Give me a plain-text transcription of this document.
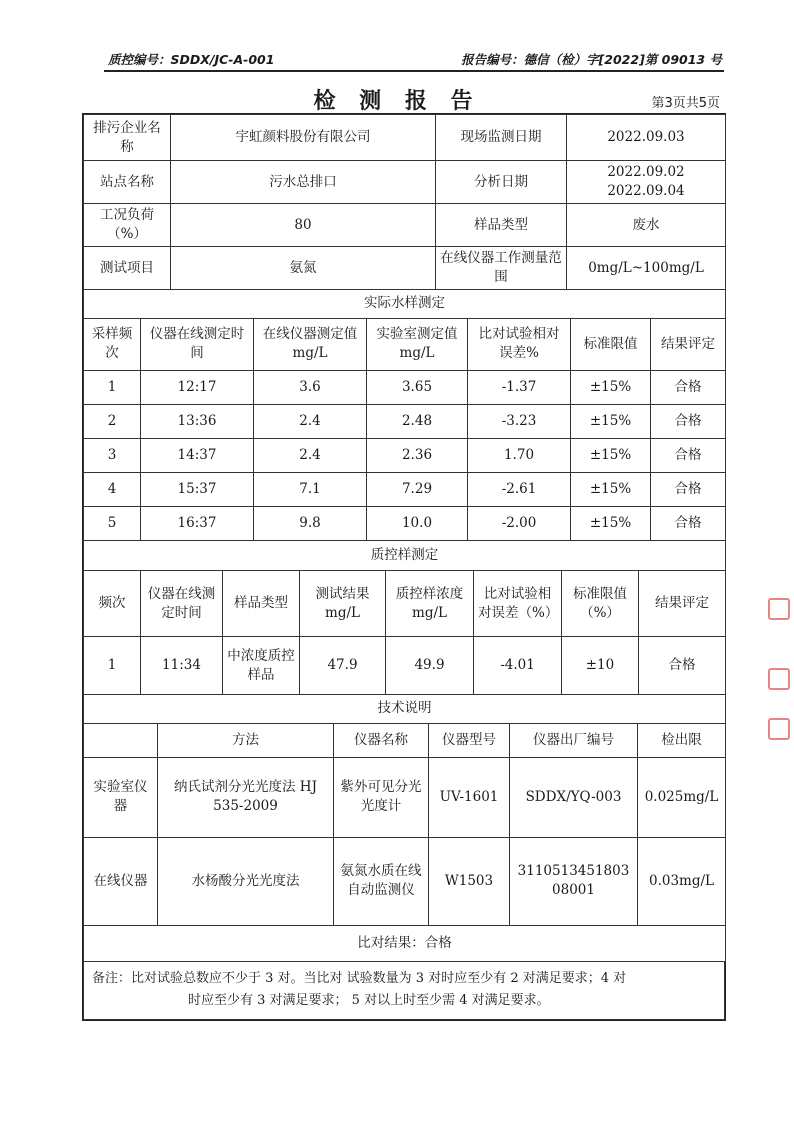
质控编号：SDDX/JC-A-001	报告编号：德信（检）字[2022]第 09013 号
检 测 报 告	第3页共5页
排污企业名称	宇虹颜料股份有限公司	现场监测日期	2022.09.03
站点名称	污水总排口	分析日期	2022.09.02
2022.09.04

工况负荷（%）	80	样品类型	废水
测试项目	氨氮	在线仪器工作测量范围	0mg/L~100mg/L
实际水样测定						
采样频次	仪器在线测定时间	在线仪器测定值 mg/L	实验室测定值 mg/L	比对试验相对误差%	标准限值	结果评定
1	12:17	3.6	3.65	-1.37	±15%	合格
2	13:36	2.4	2.48	-3.23	±15%	合格
3	14:37	2.4	2.36	1.70	±15%	合格
4	15:37	7.1	7.29	-2.61	±15%	合格
5	16:37	9.8	10.0	-2.00	±15%	合格
质控样测定							
频次	仪器在线测定时间	样品类型	测试结果 mg/L	质控样浓度 mg/L	比对试验相对误差（%）	标准限值（%）	结果评定
1	11:34	中浓度质控样品	47.9	49.9	-4.01	±10	合格
技术说明					
	方法	仪器名称	仪器型号	仪器出厂编号	检出限
实验室仪器	纳氏试剂分光光度法 HJ 535-2009	紫外可见分光光度计	UV-1601	SDDX/YQ-003	0.025mg/L
在线仪器	水杨酸分光光度法	氨氮水质在线自动监测仪	W1503	311051345180308001	0.03mg/L
比对结果：合格					
备注：比对试验总数应不少于 3 对。当比对 试验数量为 3 对时应至少有 2 对满足要求；4 对
时应至少有 3 对满足要求； 5 对以上时至少需 4 对满足要求。
